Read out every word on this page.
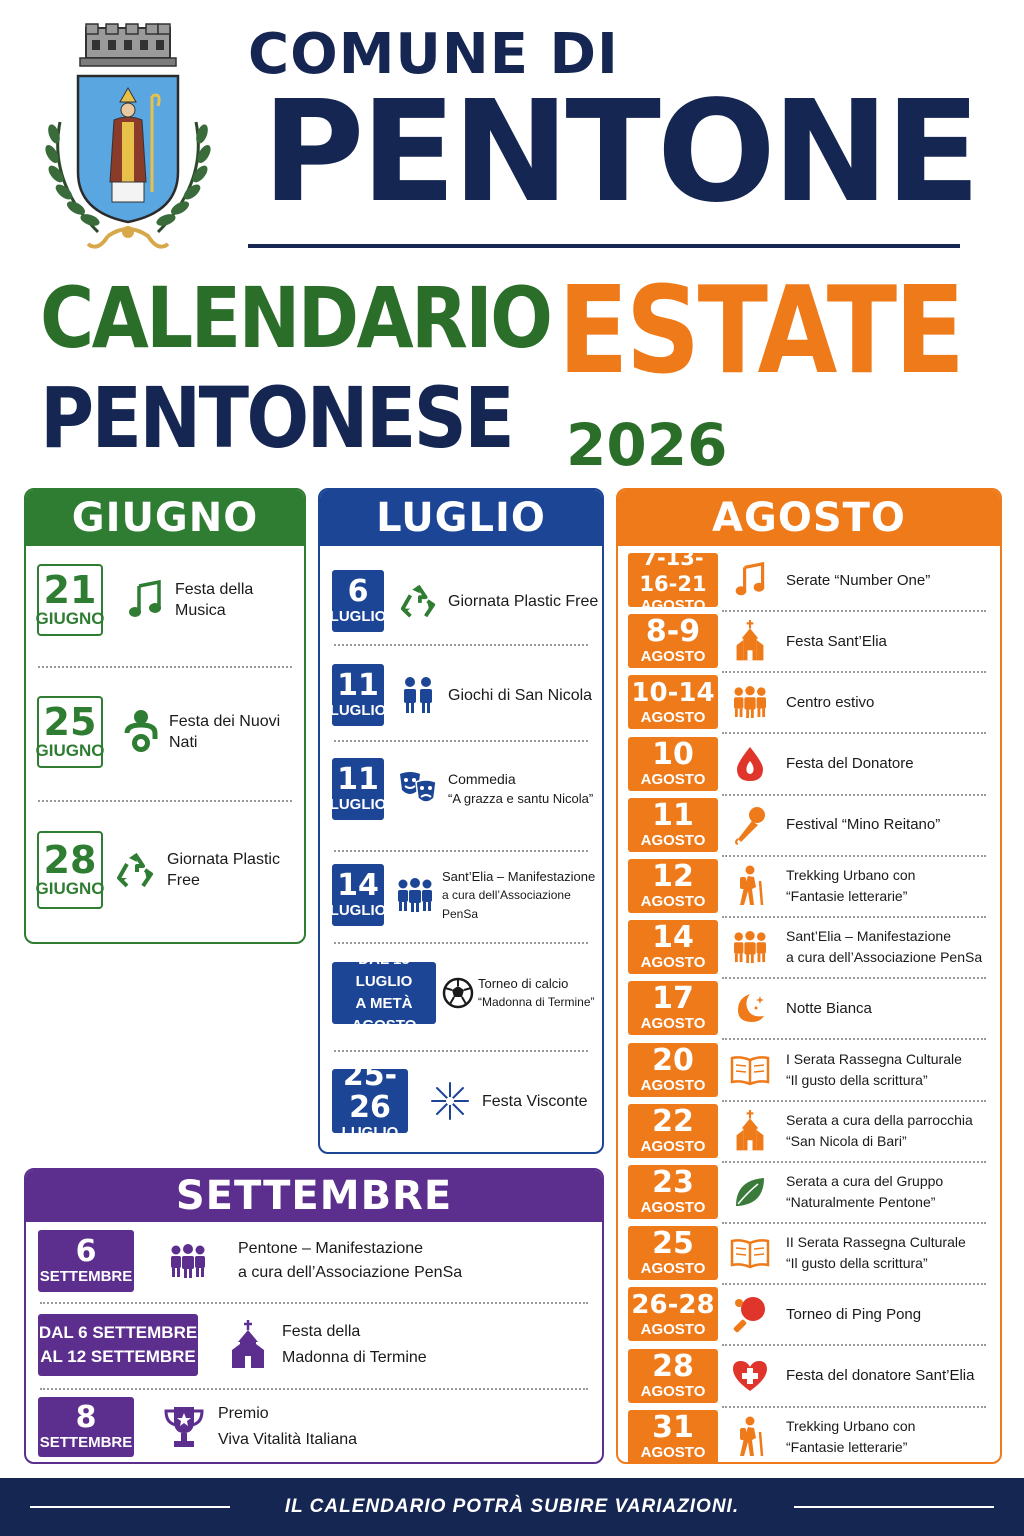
COMUNE DI
PENTONE
CALENDARIO
PENTONESE
ESTATE
2026
GIUGNO
21
GIUGNO
Festa della Musica
25
GIUGNO
Festa dei Nuovi Nati
28
GIUGNO
Giornata Plastic Free
LUGLIO
6
LUGLIO
Giornata Plastic Free
11
LUGLIO
Giochi di San Nicola
11
LUGLIO
Commedia
“A grazza e santu Nicola”
14
LUGLIO
Sant’Elia – Manifestazione
a cura dell’Associazione PenSa
DAL 15 LUGLIO
A METÀ AGOSTO
Torneo di calcio
“Madonna di Termine”
25-26
LUGLIO
Festa Visconte
AGOSTO
7-13-16-21
AGOSTO
Serate “Number One”
8-9
AGOSTO
Festa Sant’Elia
10-14
AGOSTO
Centro estivo
10
AGOSTO
Festa del Donatore
11
AGOSTO
Festival “Mino Reitano”
12
AGOSTO
Trekking Urbano con
“Fantasie letterarie”
14
AGOSTO
Sant’Elia – Manifestazione
a cura dell’Associazione PenSa
17
AGOSTO
Notte Bianca
20
AGOSTO
I Serata Rassegna Culturale
“Il gusto della scrittura”
22
AGOSTO
Serata a cura della parrocchia
“San Nicola di Bari”
23
AGOSTO
Serata a cura del Gruppo
“Naturalmente Pentone”
25
AGOSTO
II Serata Rassegna Culturale
“Il gusto della scrittura”
26-28
AGOSTO
Torneo di Ping Pong
28
AGOSTO
Festa del donatore Sant’Elia
31
AGOSTO
Trekking Urbano con
“Fantasie letterarie”
SETTEMBRE
6
SETTEMBRE
Pentone – Manifestazione
a cura dell’Associazione PenSa
DAL 6 SETTEMBRE
AL 12 SETTEMBRE
Festa della
Madonna di Termine
8
SETTEMBRE
Premio
Viva Vitalità Italiana
IL CALENDARIO POTRÀ SUBIRE VARIAZIONI.
